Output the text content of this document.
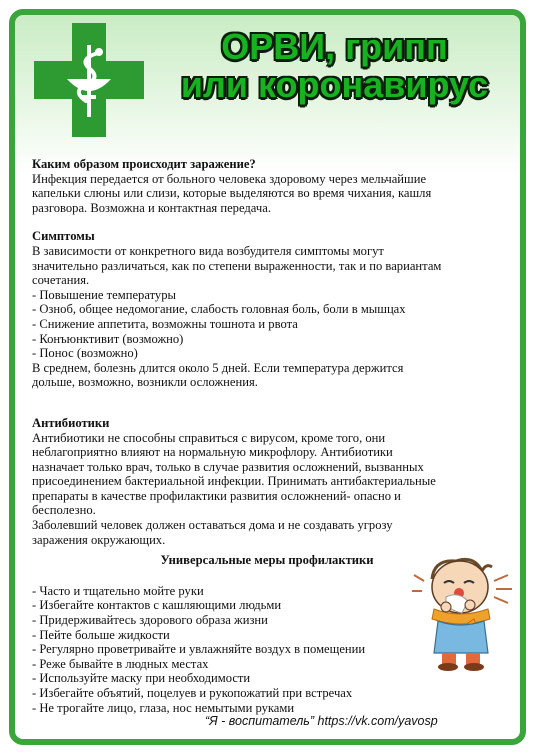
ОРВИ, грипп
или коронавирус
Каким образом происходит заражение?
Инфекция передается от больного человека здоровому через мельчайшие
капельки слюны или слизи, которые выделяются во время чихания, кашля
разговора. Возможна и контактная передача.
Симптомы
В зависимости от конкретного вида возбудителя симптомы могут
значительно различаться, как по степени выраженности, так и по вариантам
сочетания.
- Повышение температуры
- Озноб, общее недомогание, слабость головная боль, боли в мышцах
- Снижение аппетита, возможны тошнота и рвота
- Конъюнктивит (возможно)
- Понос (возможно)
В среднем, болезнь длится около 5 дней. Если температура держится
дольше, возможно, возникли осложнения.
Антибиотики
Антибиотики не способны справиться с вирусом, кроме того, они
неблагоприятно влияют на нормальную микрофлору. Антибиотики
назначает только врач, только в случае развития осложнений, вызванных
присоединением бактериальной инфекции. Принимать антибактериальные
препараты в качестве профилактики развития осложнений- опасно и
бесполезно.
Заболевший человек должен оставаться дома и не создавать угрозу
заражения окружающих.
Универсальные меры профилактики
- Часто и тщательно мойте руки
- Избегайте контактов с кашляющими людьми
- Придерживайтесь здорового образа жизни
- Пейте больше жидкости
- Регулярно проветривайте и увлажняйте воздух в помещении
- Реже бывайте в людных местах
- Используйте маску при необходимости
- Избегайте объятий, поцелуев и рукопожатий при встречах
- Не трогайте лицо, глаза, нос немытыми руками
“Я - воспитатель” https://vk.com/yavosp
